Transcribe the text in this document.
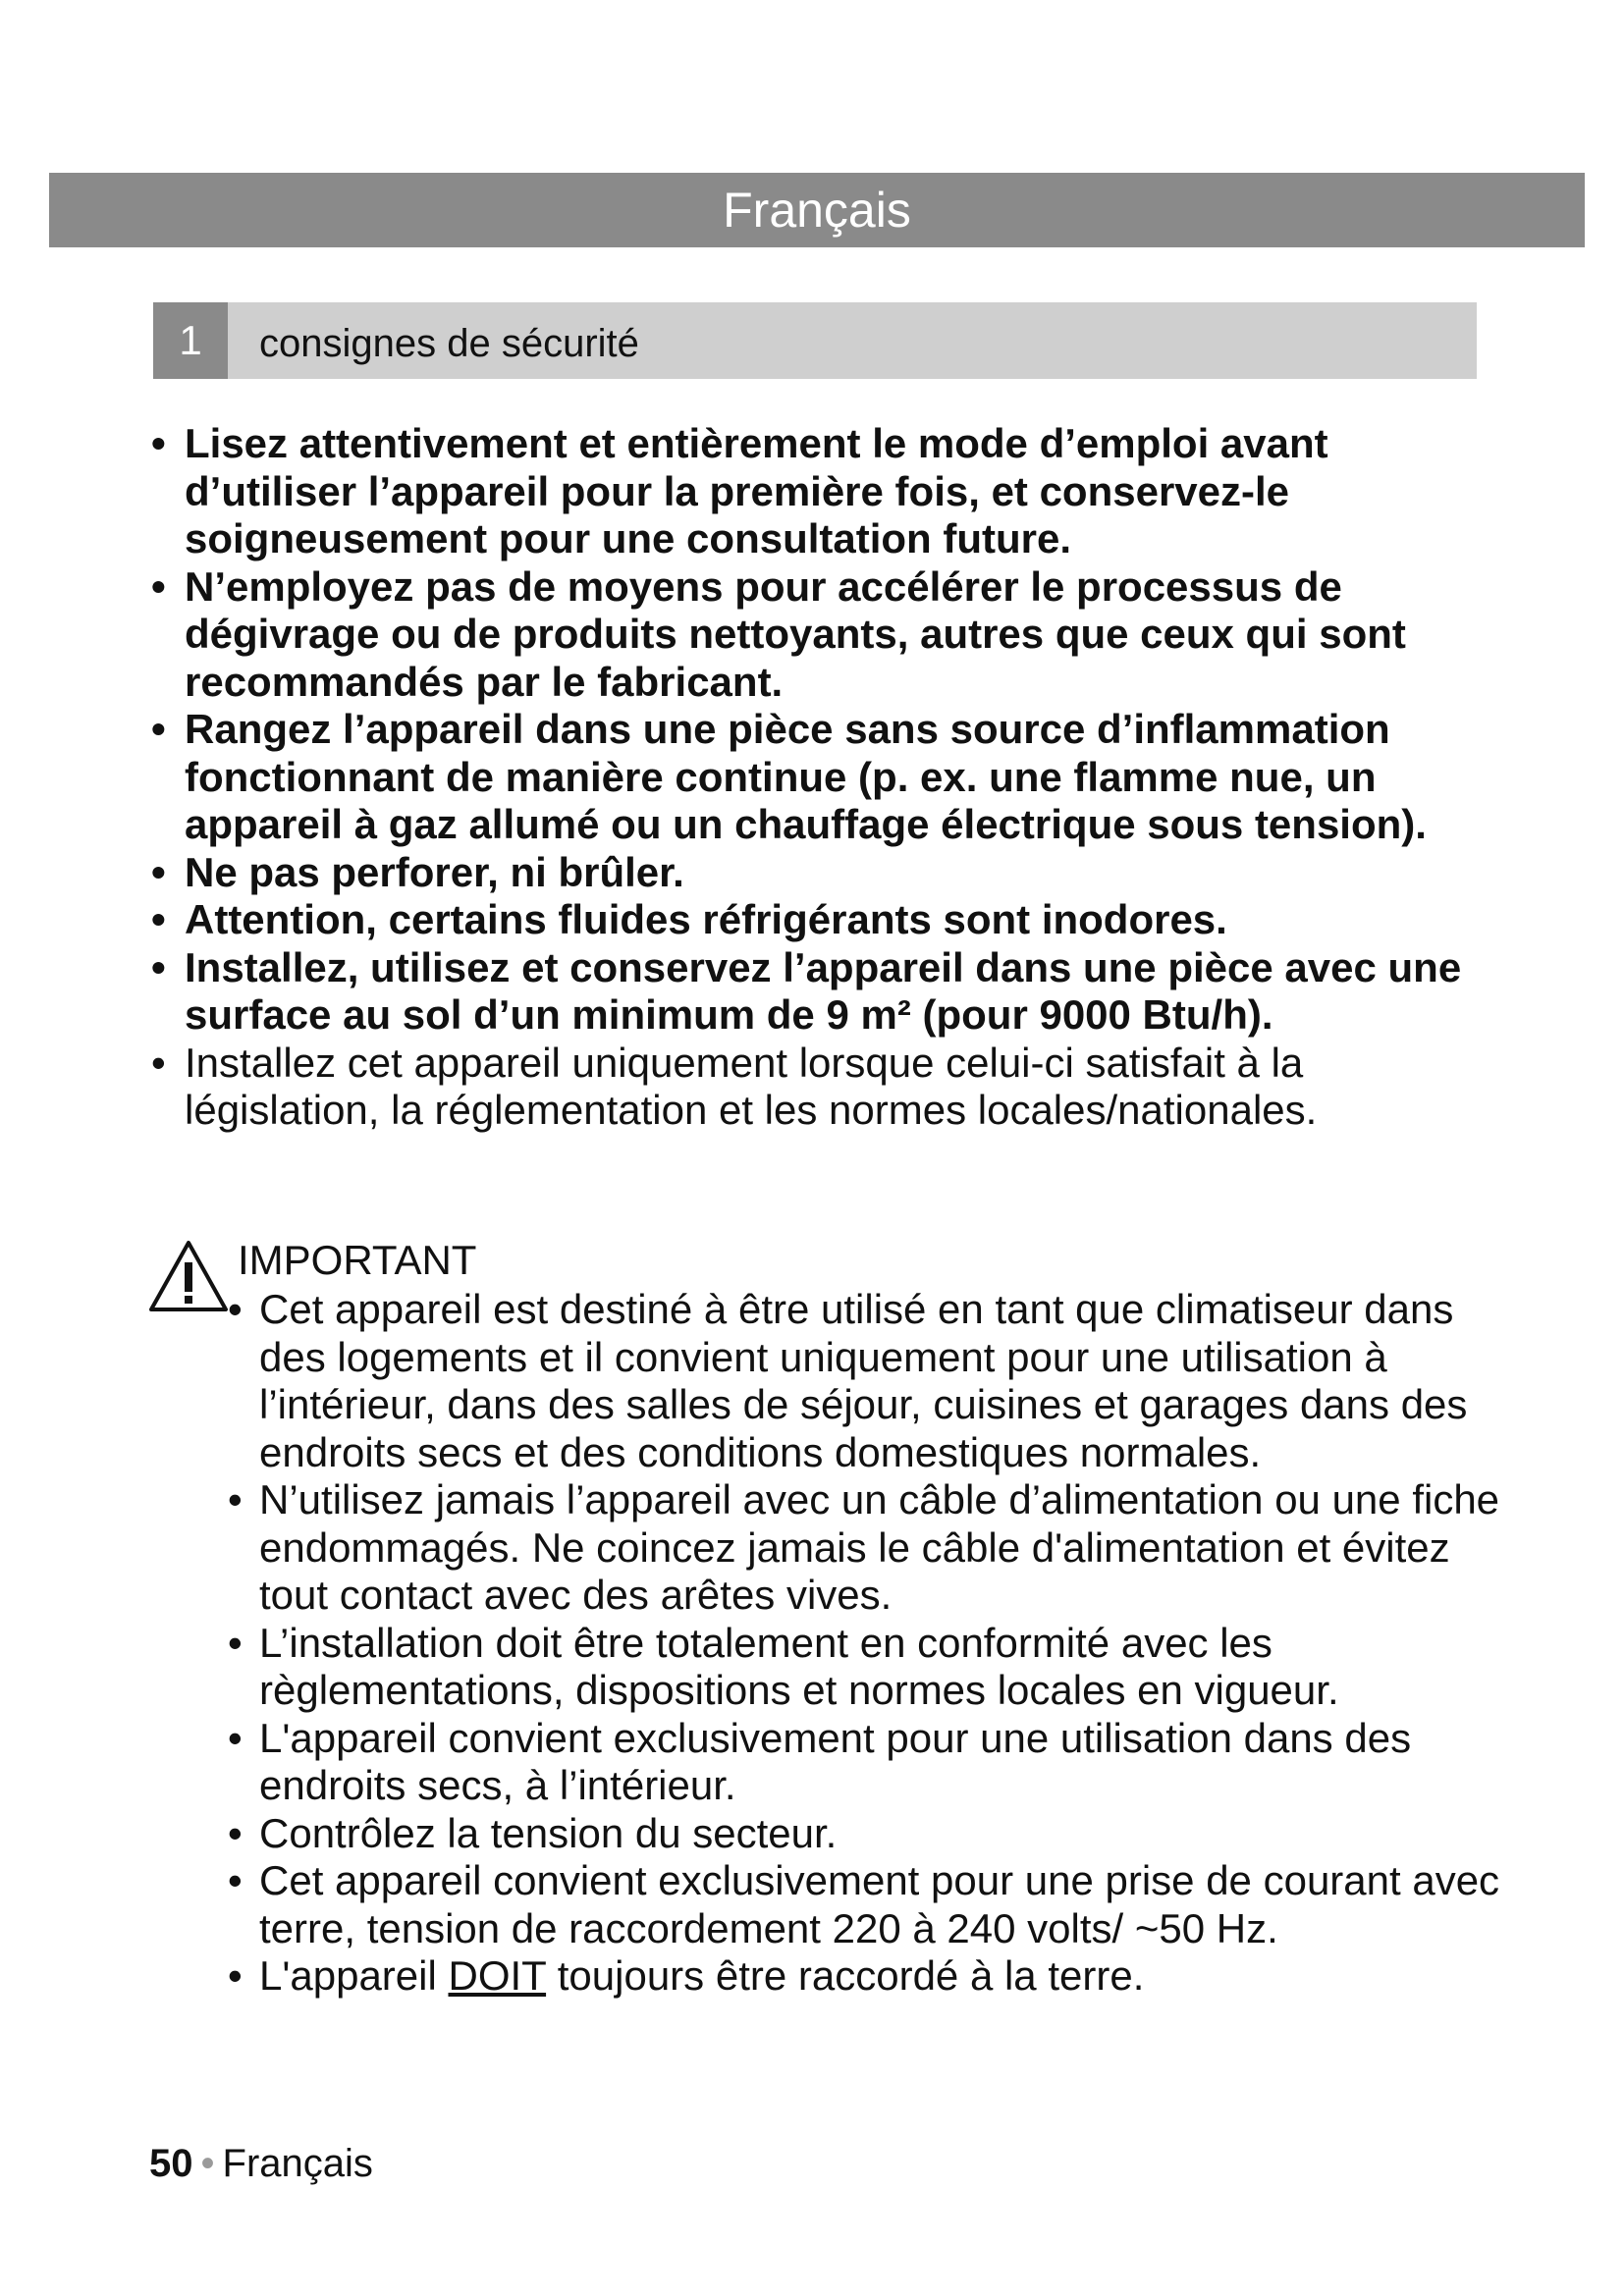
Français
1	consignes de sécurité
• Lisez attentivement et entièrement le mode d’emploi avant d’utiliser l’appareil pour la première fois, et conservez-le soigneusement pour une consultation future.
• N’employez pas de moyens pour accélérer le processus de dégivrage ou de produits nettoyants, autres que ceux qui sont recommandés par le fabricant.
• Rangez l’appareil dans une pièce sans source d’inflammation fonctionnant de manière continue (p. ex. une flamme nue, un appareil à gaz allumé ou un chauffage électrique sous tension).
• Ne pas perforer, ni brûler.
• Attention, certains fluides réfrigérants sont inodores.
• Installez, utilisez et conservez l’appareil dans une pièce avec une surface au sol d’un minimum de 9 m² (pour 9000 Btu/h).
• Installez cet appareil uniquement lorsque celui-ci satisfait à la législation, la réglementation et les normes locales/nationales.
IMPORTANT
• Cet appareil est destiné à être utilisé en tant que climatiseur dans des logements et il convient uniquement pour une utilisation à l’intérieur, dans des salles de séjour, cuisines et garages dans des endroits secs et des conditions domestiques normales.
• N’utilisez jamais l’appareil avec un câble d’alimentation ou une fiche endommagés. Ne coincez jamais le câble d'alimentation et évitez tout contact avec des arêtes vives.
• L’installation doit être totalement en conformité avec les règlementations, dispositions et normes locales en vigueur.
• L'appareil convient exclusivement pour une utilisation dans des endroits secs, à l’intérieur.
• Contrôlez la tension du secteur.
• Cet appareil convient exclusivement pour une prise de courant avec terre, tension de raccordement 220 à 240 volts/ ~50 Hz.
• L'appareil DOIT toujours être raccordé à la terre.
50 • Français
